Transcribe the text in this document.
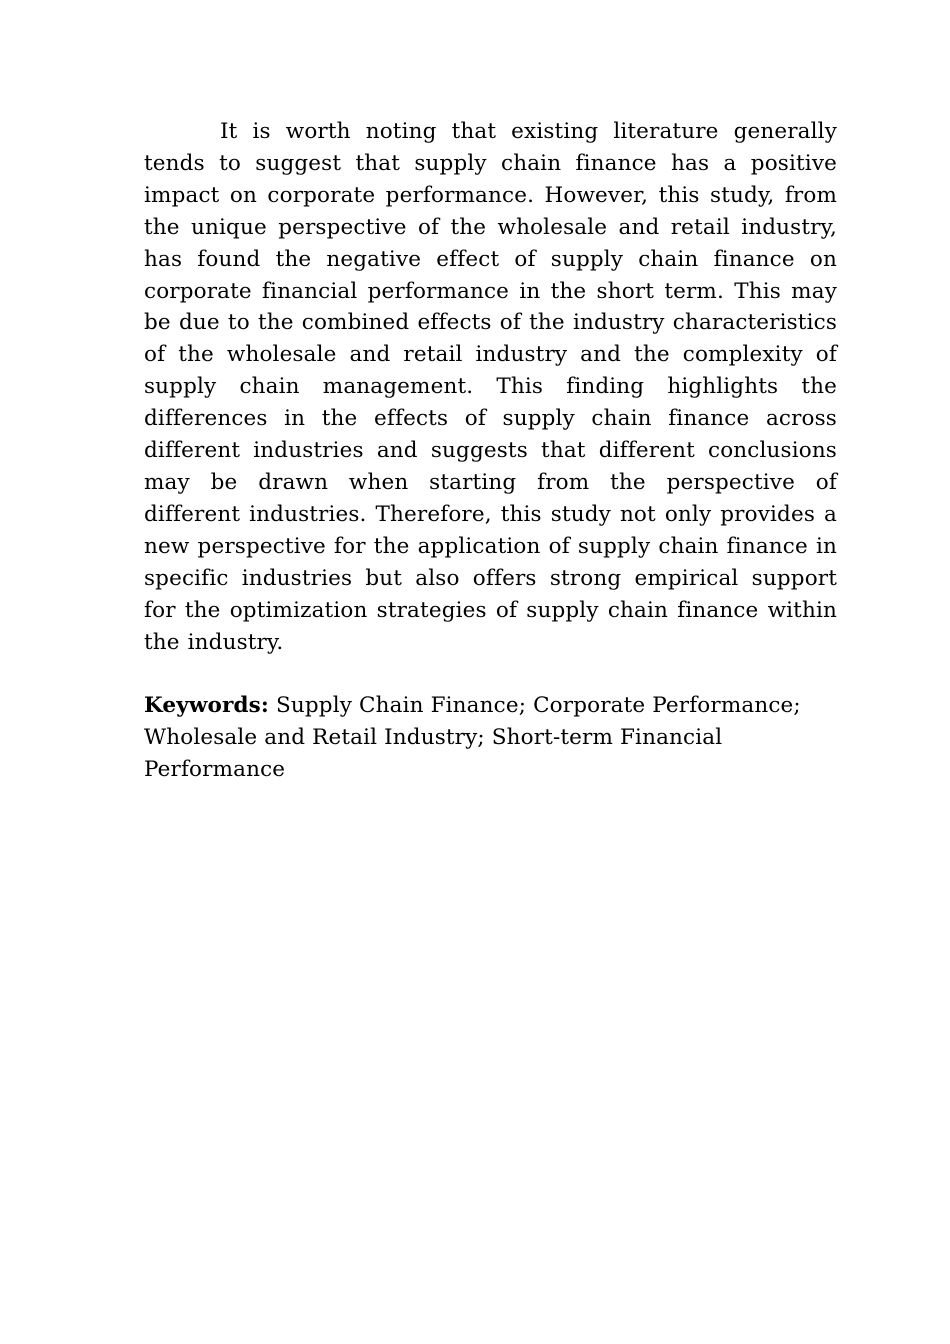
It is worth noting that existing literature generally tends to suggest that supply chain finance has a positive impact on corporate performance. However, this study, from the unique perspective of the wholesale and retail industry, has found the negative effect of supply chain finance on corporate financial performance in the short term. This may be due to the combined effects of the industry characteristics of the wholesale and retail industry and the complexity of supply chain management. This finding highlights the differences in the effects of supply chain finance across different industries and suggests that different conclusions may be drawn when starting from the perspective of different industries. Therefore, this study not only provides a new perspective for the application of supply chain finance in specific industries but also offers strong empirical support for the optimization strategies of supply chain finance within the industry.

Keywords: Supply Chain Finance; Corporate Performance; Wholesale and Retail Industry; Short-term Financial Performance
